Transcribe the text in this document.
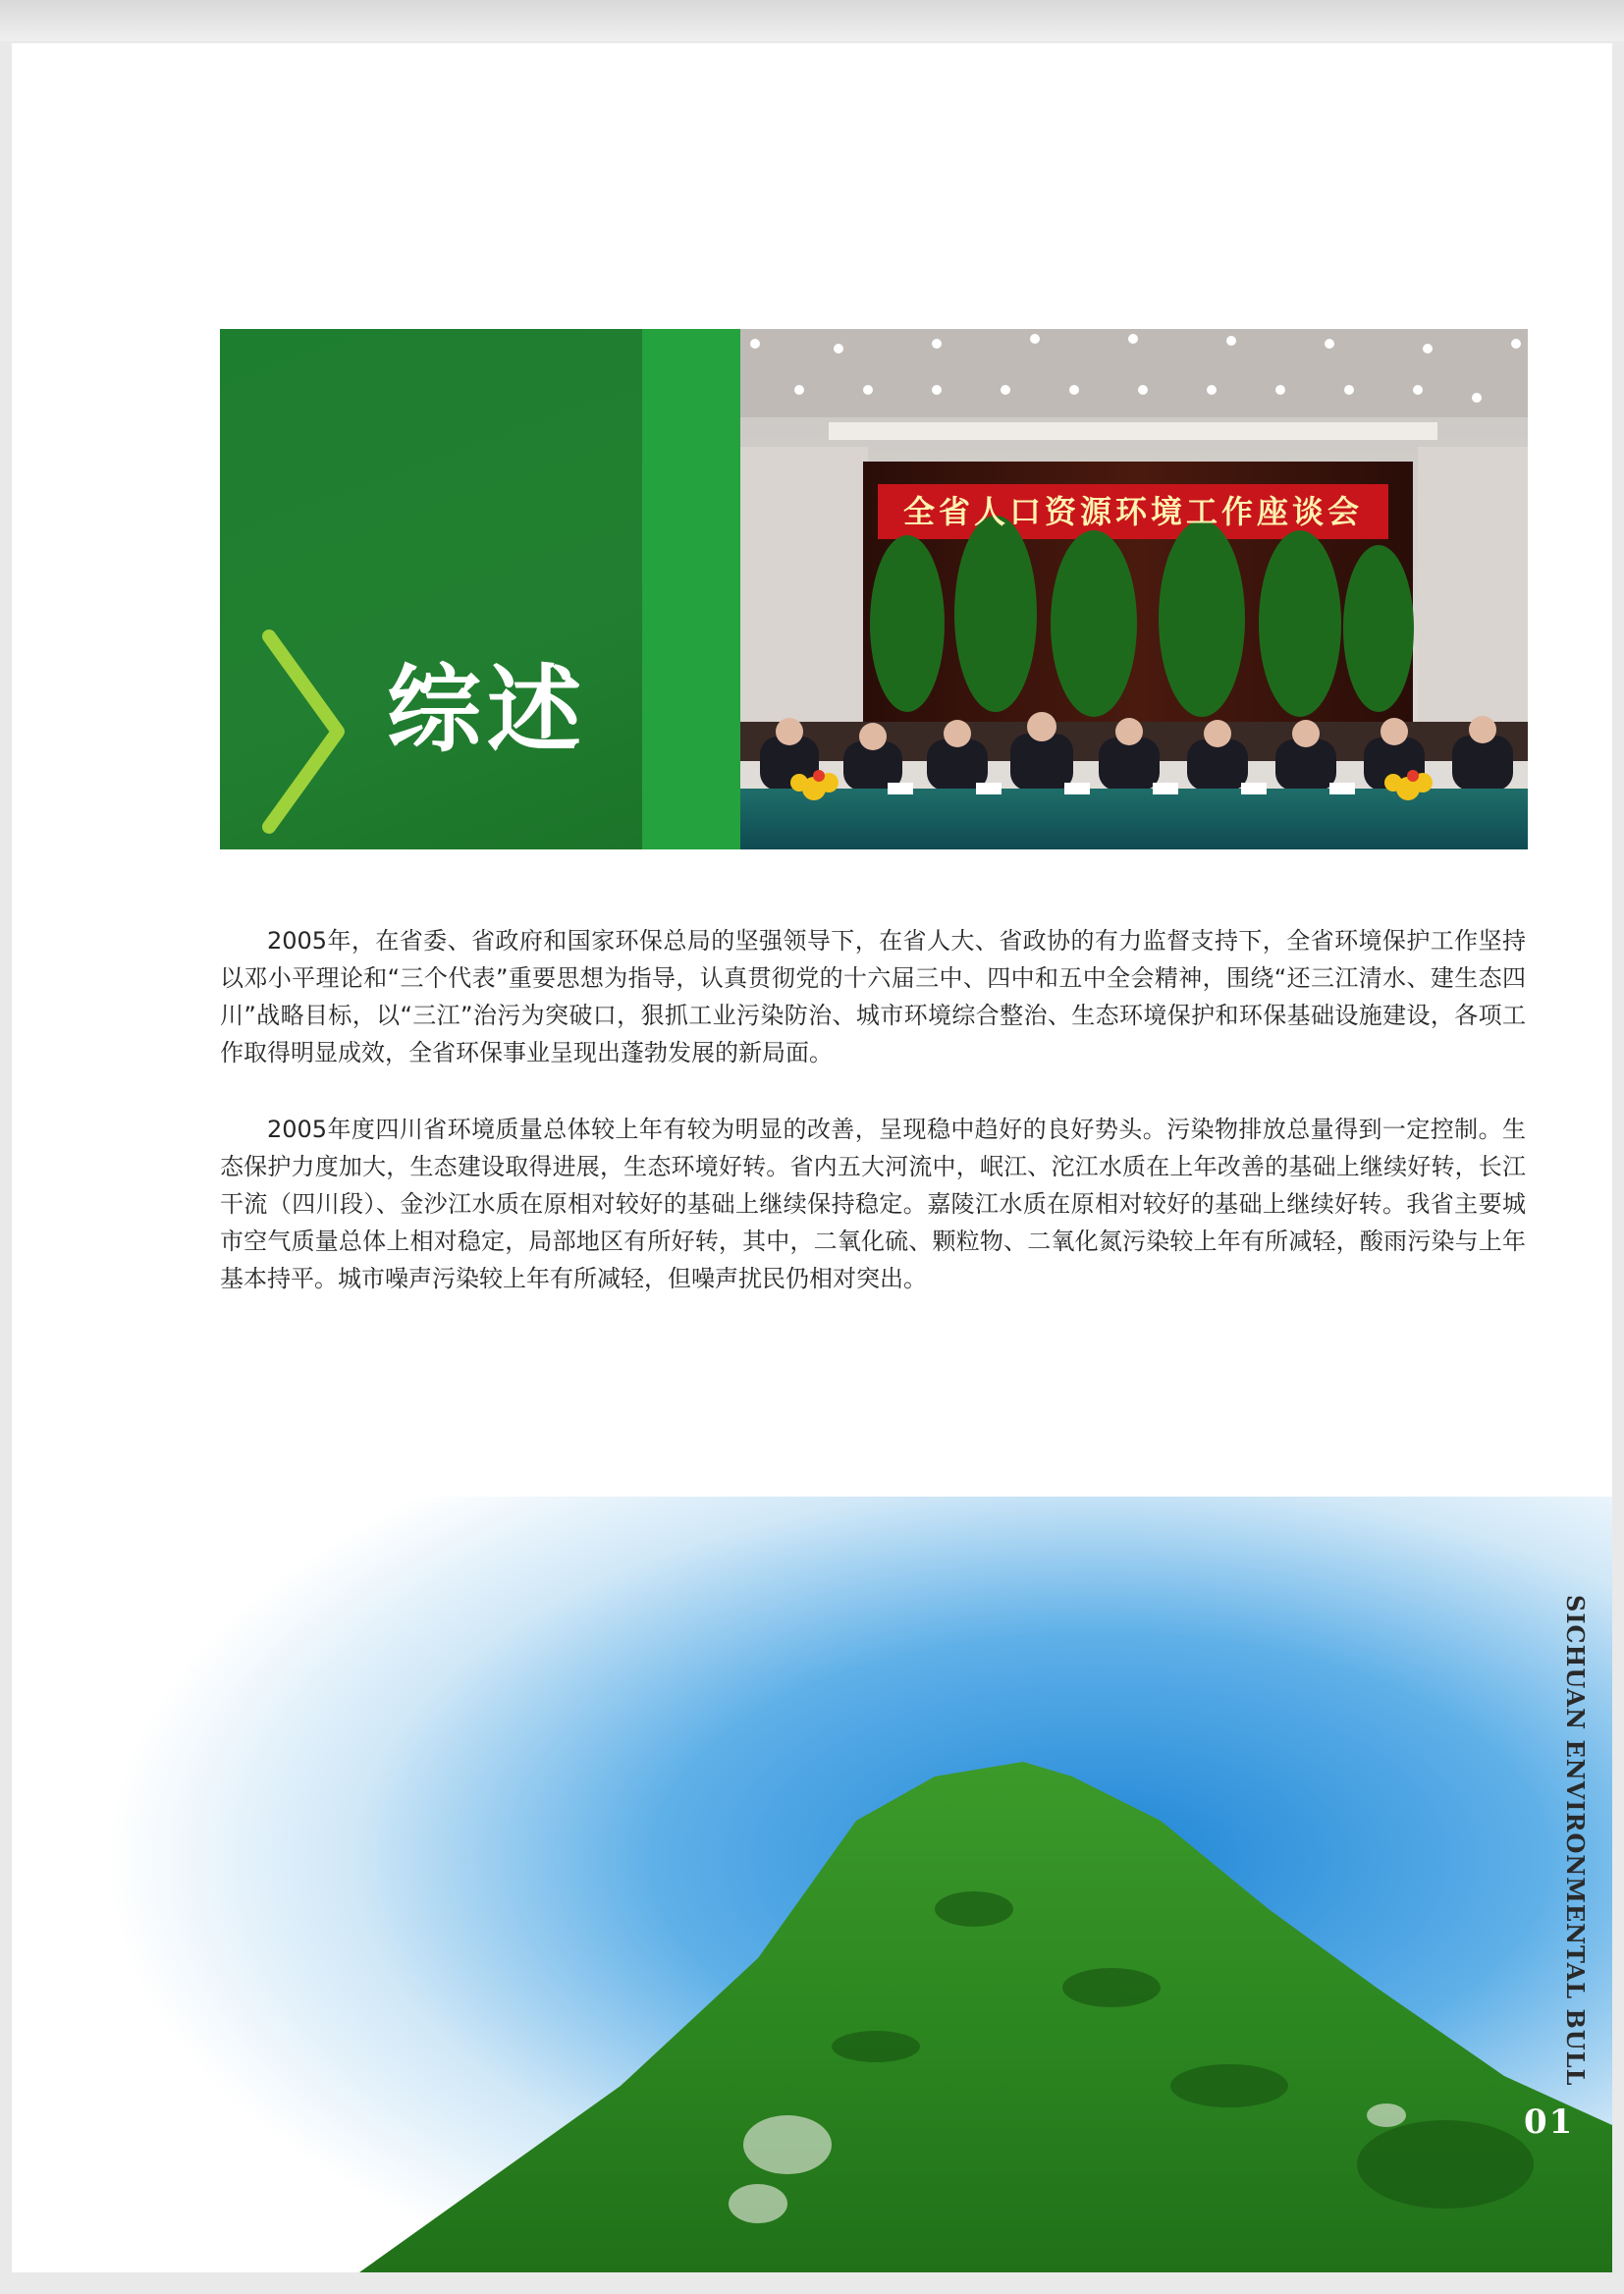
综述
全省人口资源环境工作座谈会

2005年，在省委、省政府和国家环保总局的坚强领导下，在省人大、省政协的有力监督支持下，全省环境保护工作坚持以邓小平理论和“三个代表”重要思想为指导，认真贯彻党的十六届三中、四中和五中全会精神，围绕“还三江清水、建生态四川”战略目标，以“三江”治污为突破口，狠抓工业污染防治、城市环境综合整治、生态环境保护和环保基础设施建设，各项工作取得明显成效，全省环保事业呈现出蓬勃发展的新局面。

2005年度四川省环境质量总体较上年有较为明显的改善，呈现稳中趋好的良好势头。污染物排放总量得到一定控制。生态保护力度加大，生态建设取得进展，生态环境好转。省内五大河流中，岷江、沱江水质在上年改善的基础上继续好转，长江干流（四川段）、金沙江水质在原相对较好的基础上继续保持稳定。嘉陵江水质在原相对较好的基础上继续好转。我省主要城市空气质量总体上相对稳定，局部地区有所好转，其中，二氧化硫、颗粒物、二氧化氮污染较上年有所减轻，酸雨污染与上年基本持平。城市噪声污染较上年有所减轻，但噪声扰民仍相对突出。

SICHUAN ENVIRONMENTAL BULL
01
